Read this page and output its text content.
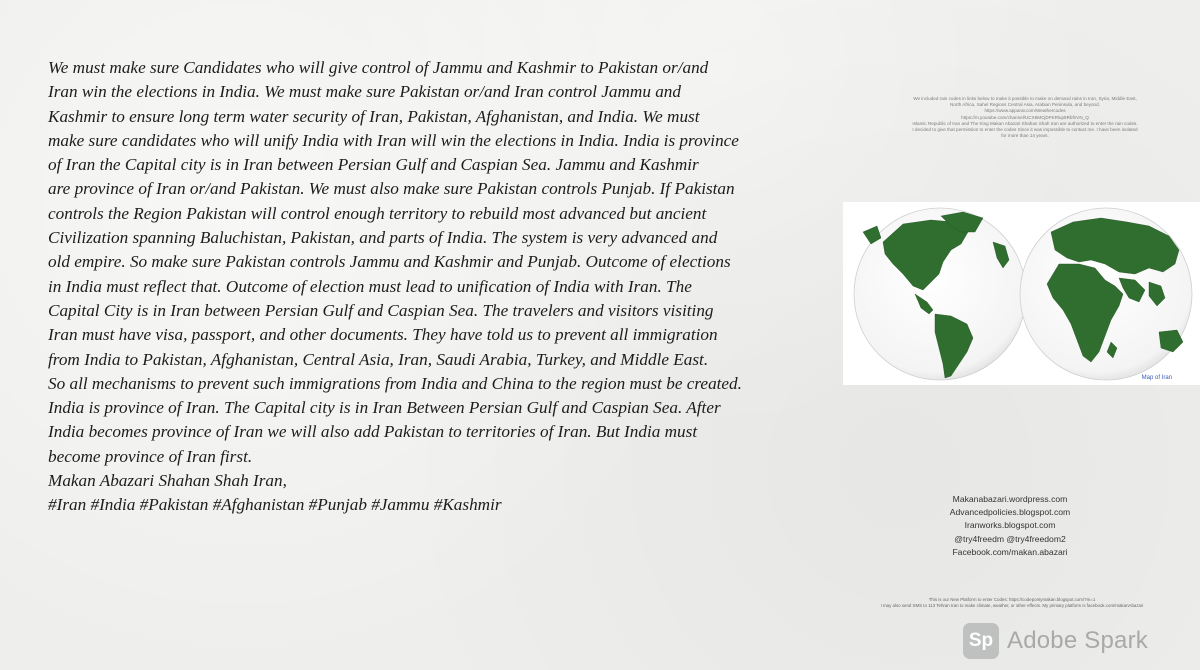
We must make sure Candidates who will give control of Jammu and Kashmir to Pakistan or/and

Iran win the elections in India. We must make sure Pakistan or/and Iran control Jammu and

Kashmir to ensure long term water security of Iran, Pakistan, Afghanistan, and India. We must

make sure candidates who will unify India with Iran will win the elections in India. India is province

of Iran the Capital city is in Iran between Persian Gulf and Caspian Sea. Jammu and Kashmir

are province of Iran or/and Pakistan. We must also make sure Pakistan controls Punjab. If Pakistan

controls the Region Pakistan will control enough territory to rebuild most advanced but ancient

Civilization spanning Baluchistan, Pakistan, and parts of India. The system is very advanced and

old empire. So make sure Pakistan controls Jammu and Kashmir and Punjab. Outcome of elections

in India must reflect that. Outcome of election must lead to unification of India with Iran. The

Capital City is in Iran between Persian Gulf and Caspian Sea. The travelers and visitors visiting

Iran must have visa, passport, and other documents. They have told us to prevent all immigration

from India to Pakistan, Afghanistan, Central Asia, Iran, Saudi Arabia, Turkey, and Middle East.

So all mechanisms to prevent such immigrations from India and China to the region must be created.

India is province of Iran. The Capital city is in Iran Between Persian Gulf and Caspian Sea. After

India becomes province of Iran we will also add Pakistan to territories of Iran. But India must

become province of Iran first.

Makan Abazari Shahan Shah Iran,

#Iran #India #Pakistan #Afghanistan #Punjab #Jammu #Kashmir

We included rain codes in links below to make it possible to make on demand rains in Iran, Syria, Middle East,
North Africa, Sahel Regions Central Asia, Arabian Peninsula, and beyond.
https://www.apparat.com/Weathercodes
https://m.youtube.com/channel/UCX5MCjDFKRlup8RbfnVN_Q
Islamic Republic of Iran and The King Makan Abazari Shahan Shah Iran are authorized to enter the rain codes.
I decided to give that permission to enter the codes Since it was impossible to contact me. I have been isolated
for more than 14 years.
Map of Iran
Makanabazari.wordpress.com
Advancedpolicies.blogspot.com
Iranworks.blogspot.com
@try4freedm @try4freedom2
Facebook.com/makan.abazari
This is our New Platform to enter Codes: https://codepontymakan.blogspot.com/?m=1
I may also send SMS to 113 Tehran Iran to make climate, weather, or other effects. My primary platform is facebook.com/makanAbazari
Sp Adobe Spark
